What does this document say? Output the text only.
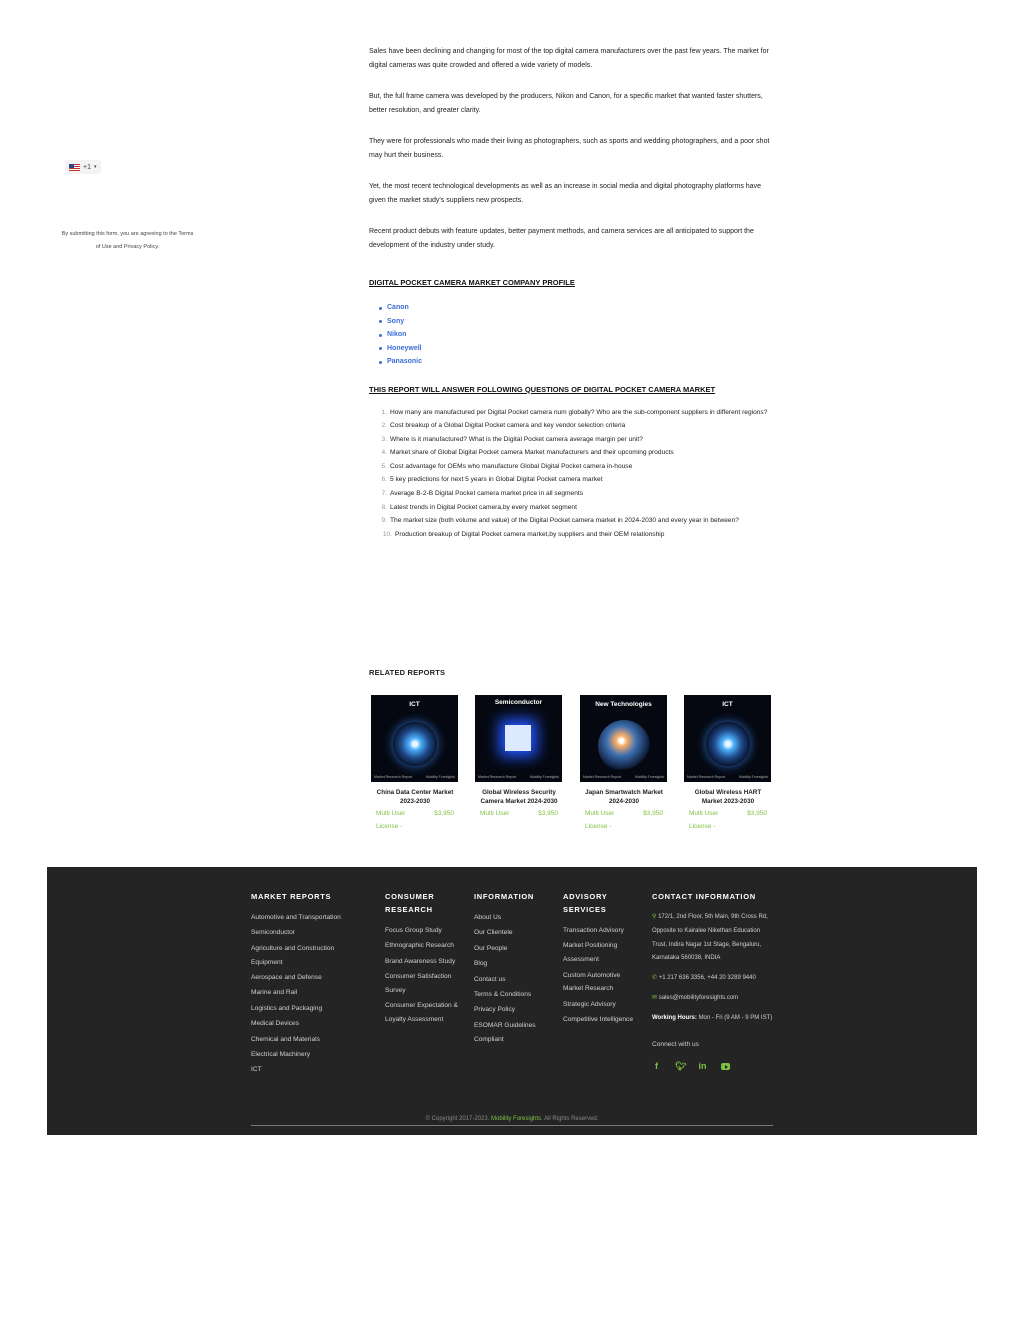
+1 ▾
By submitting this form, you are agreeing to the Terms of Use and Privacy Policy.

Sales have been declining and changing for most of the top digital camera manufacturers over the past few years. The market for digital cameras was quite crowded and offered a wide variety of models.

But, the full frame camera was developed by the producers, Nikon and Canon, for a specific market that wanted faster shutters, better resolution, and greater clarity.

They were for professionals who made their living as photographers, such as sports and wedding photographers, and a poor shot may hurt their business.

Yet, the most recent technological developments as well as an increase in social media and digital photography platforms have given the market study's suppliers new prospects.

Recent product debuts with feature updates, better payment methods, and camera services are all anticipated to support the development of the industry under study.

DIGITAL POCKET CAMERA MARKET COMPANY PROFILE
Canon
Sony
Nikon
Honeywell
Panasonic
THIS REPORT WILL ANSWER FOLLOWING QUESTIONS OF DIGITAL POCKET CAMERA MARKET
1. How many are manufactured per Digital Pocket camera num globally? Who are the sub-component suppliers in different regions?
2. Cost breakup of a Global Digital Pocket camera and key vendor selection criteria
3. Where is it manufactured? What is the Digital Pocket camera average margin per unit?
4. Market share of Global Digital Pocket camera Market manufacturers and their upcoming products
5. Cost advantage for OEMs who manufacture Global Digital Pocket camera in-house
6. 5 key predictions for next 5 years in Global Digital Pocket camera market
7. Average B-2-B Digital Pocket camera market price in all segments
8. Latest trends in Digital Pocket camera,by every market segment
9. The market size (both volume and value) of the Digital Pocket camera market in 2024-2030 and every year in between?
10. Production breakup of Digital Pocket camera market,by suppliers and their OEM relationship
RELATED REPORTS
ICT
Market Research Report	Mobility Foresights
China Data Center Market 2023-2030
Multi User License -
$3,950
Semiconductor
Market Research Report	Mobility Foresights
Global Wireless Security Camera Market 2024-2030
Multi User	$3,950
New Technologies
Market Research Report	Mobility Foresights
Japan Smartwatch Market 2024-2030
Multi User License -
$3,950
ICT
Market Research Report	Mobility Foresights
Global Wireless HART Market 2023-2030
Multi User License -
$3,950
MARKET REPORTS
Automotive and Transportation
Semiconductor
Agriculture and Construction Equipment
Aerospace and Defense
Marine and Rail
Logistics and Packaging
Medical Devices
Chemical and Materials
Electrical Machinery
ICT
CONSUMER RESEARCH
Focus Group Study
Ethnographic Research
Brand Awareness Study
Consumer Satisfaction Survey
Consumer Expectation & Loyalty Assessment
INFORMATION
About Us
Our Clientele
Our People
Blog
Contact us
Terms & Conditions
Privacy Policy
ESOMAR Guidelines Compliant
ADVISORY SERVICES
Transaction Advisory
Market Positioning Assessment
Custom Automotive Market Research
Strategic Advisory
Competitive Intelligence
CONTACT INFORMATION
⚲ 172/1, 2nd Floor, 5th Main, 9th Cross Rd, Opposite to Kairalee Nikethan Education Trust, Indira Nagar 1st Stage, Bengaluru, Karnataka 560038, INDIA
✆ +1 217 636 3356, +44 20 3289 9440
✉ sales@mobilityforesights.com
Working Hours: Mon - Fri (9 AM - 9 PM IST)
Connect with us
f	🐦︎ in
© Copyright 2017-2023. Mobility Foresights. All Rights Reserved.
